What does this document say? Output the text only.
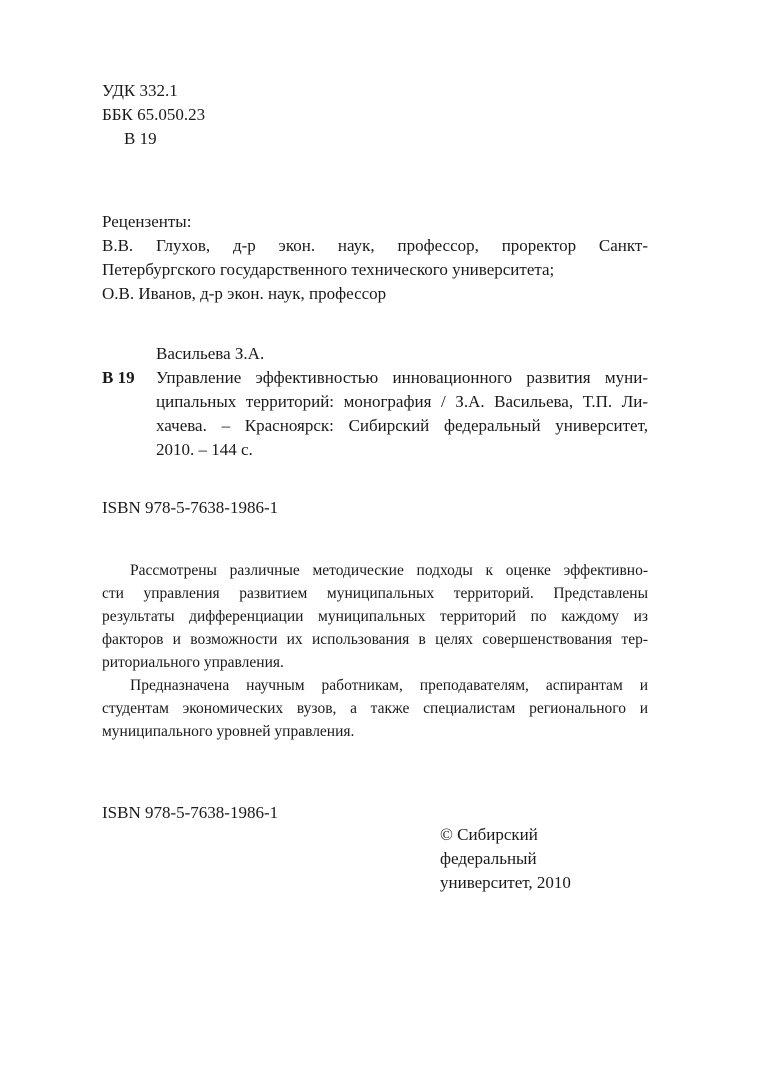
УДК 332.1
ББК 65.050.23
В 19
Рецензенты:
В.В. Глухов, д-р экон. наук, профессор, проректор Санкт-
Петербургского государственного технического университета;
О.В. Иванов, д-р экон. наук, профессор
Васильева З.А.
В 19 Управление эффективностью инновационного развития муни-
ципальных территорий: монография / З.А. Васильева, Т.П. Ли-
хачева. – Красноярск: Сибирский федеральный университет,
2010. – 144 с.
ISBN 978-5-7638-1986-1
Рассмотрены различные методические подходы к оценке эффективно-
сти управления развитием муниципальных территорий. Представлены
результаты дифференциации муниципальных территорий по каждому из
факторов и возможности их использования в целях совершенствования тер-
риториального управления.
Предназначена научным работникам, преподавателям, аспирантам и
студентам экономических вузов, а также специалистам регионального и
муниципального уровней управления.
ISBN 978-5-7638-1986-1
© Сибирский
федеральный
университет, 2010
